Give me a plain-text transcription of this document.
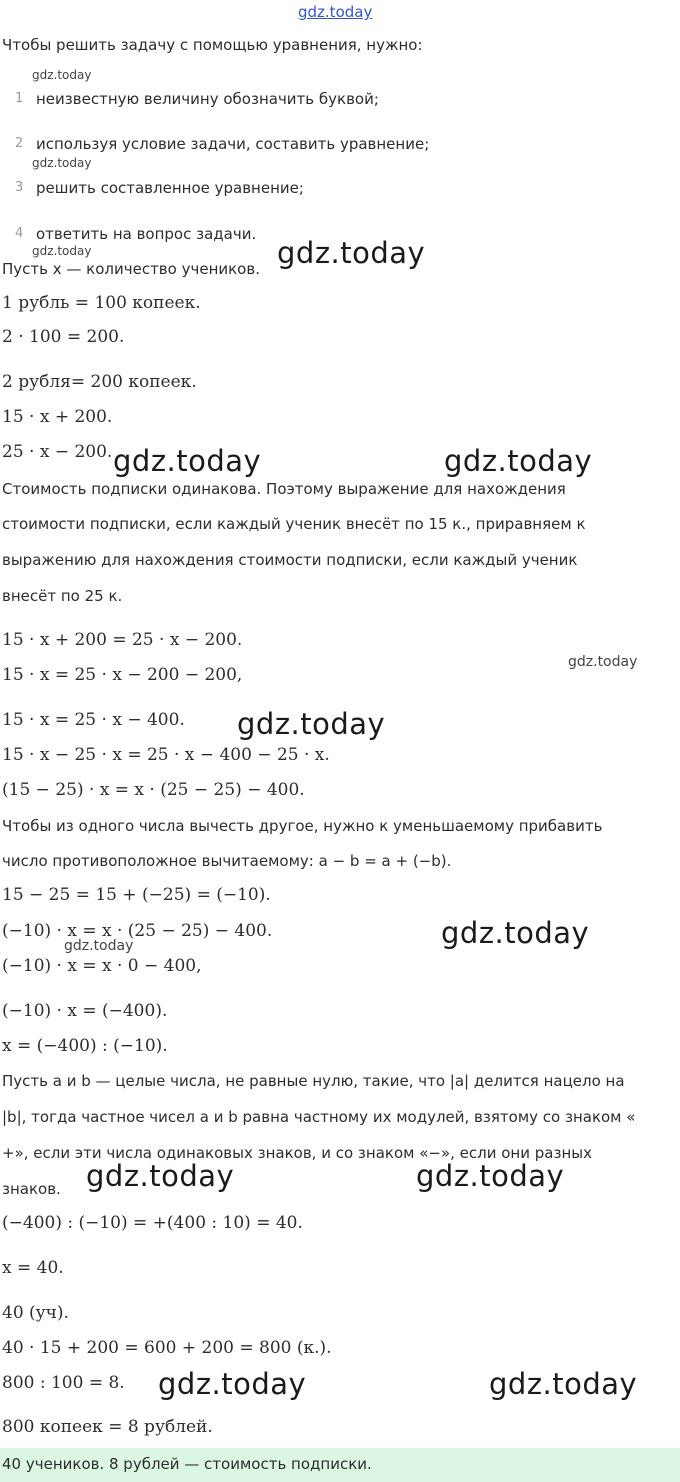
gdz.today
Чтобы решить задачу с помощью уравнения, нужно:
gdz.today
1 неизвестную величину обозначить буквой;
2 используя условие задачи, составить уравнение;
gdz.today
3 решить составленное уравнение;
4 ответить на вопрос задачи.
gdz.today	gdz.today
Пусть x — количество учеников.
1 рубль = 100 копеек.
2 · 100 = 200.
2 рубля= 200 копеек.
15 · x + 200.
25 · x − 200. gdz.today	gdz.today
Стоимость подписки одинакова. Поэтому выражение для нахождения
стоимости подписки, если каждый ученик внесёт по 15 к., приравняем к
выражению для нахождения стоимости подписки, если каждый ученик
внесёт по 25 к.
15 · x + 200 = 25 · x − 200.
15 · x = 25 · x − 200 − 200,
gdz.today
15 · x = 25 · x − 400. gdz.today
15 · x − 25 · x = 25 · x − 400 − 25 · x.
(15 − 25) · x = x · (25 − 25) − 400.
Чтобы из одного числа вычесть другое, нужно к уменьшаемому прибавить
число противоположное вычитаемому: a − b = a + (−b).
15 − 25 = 15 + (−25) = (−10).
(−10) · x = x · (25 − 25) − 400.	gdz.today
gdz.today
(−10) · x = x · 0 − 400,
(−10) · x = (−400).
x = (−400) : (−10).
Пусть a и b — целые числа, не равные нулю, такие, что |a| делится нацело на
|b|, тогда частное чисел a и b равна частному их модулей, взятому со знаком «
+», если эти числа одинаковых знаков, и со знаком «−», если они разных
знаков. gdz.today	gdz.today
(−400) : (−10) = +(400 : 10) = 40.
x = 40.
40 (уч).
40 · 15 + 200 = 600 + 200 = 800 (к.).
800 : 100 = 8. gdz.today	gdz.today
800 копеек = 8 рублей.
40 учеников. 8 рублей — стоимость подписки.
